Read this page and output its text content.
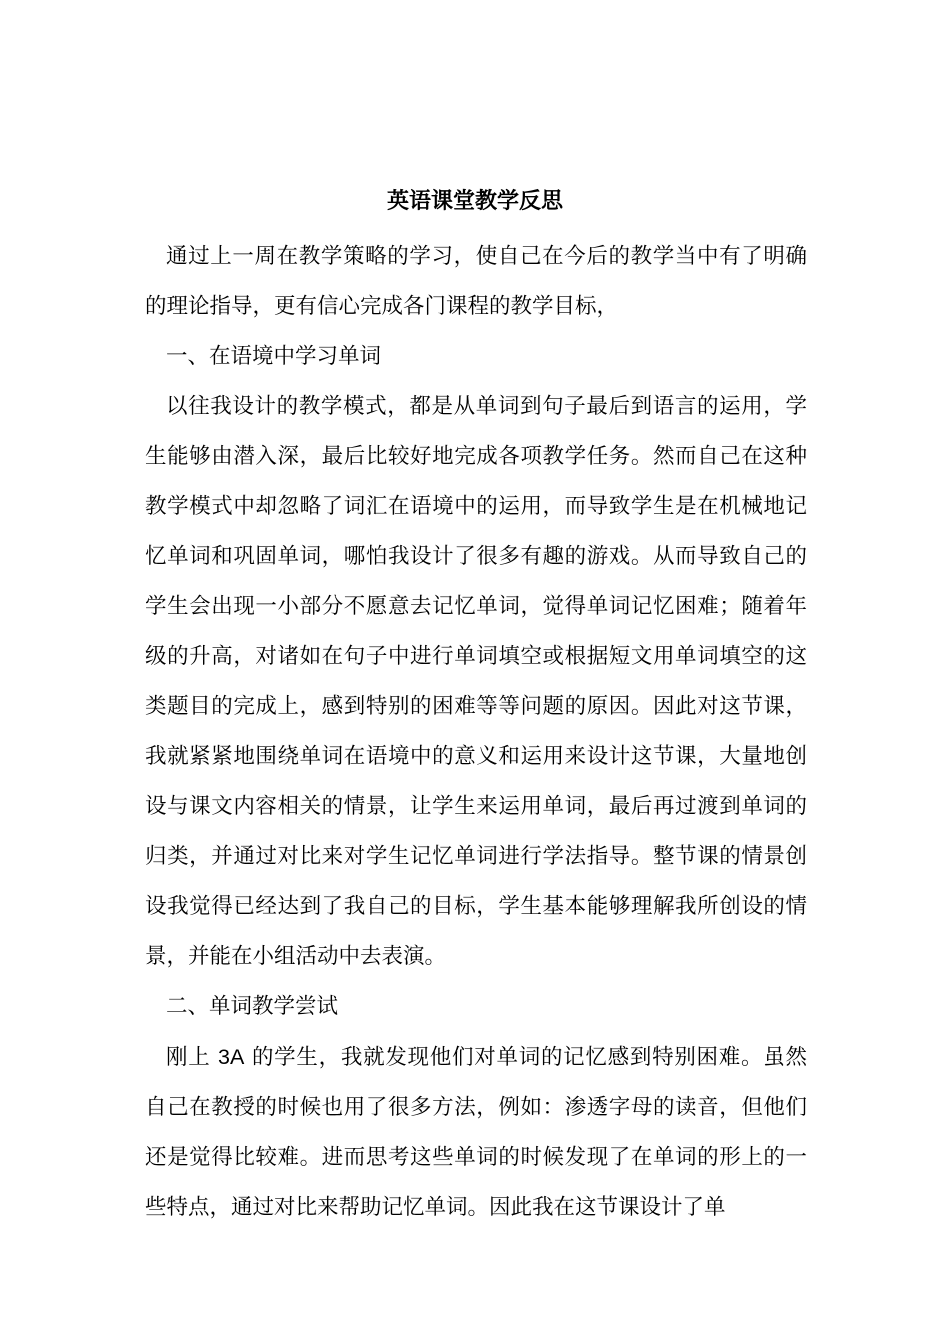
英语课堂教学反思

通过上一周在教学策略的学习，使自己在今后的教学当中有了明确的理论指导，更有信心完成各门课程的教学目标，

一、在语境中学习单词

以往我设计的教学模式，都是从单词到句子最后到语言的运用，学生能够由潜入深，最后比较好地完成各项教学任务。然而自己在这种教学模式中却忽略了词汇在语境中的运用，而导致学生是在机械地记忆单词和巩固单词，哪怕我设计了很多有趣的游戏。从而导致自己的学生会出现一小部分不愿意去记忆单词，觉得单词记忆困难；随着年级的升高，对诸如在句子中进行单词填空或根据短文用单词填空的这类题目的完成上，感到特别的困难等等问题的原因。因此对这节课，我就紧紧地围绕单词在语境中的意义和运用来设计这节课，大量地创设与课文内容相关的情景，让学生来运用单词，最后再过渡到单词的归类，并通过对比来对学生记忆单词进行学法指导。整节课的情景创设我觉得已经达到了我自己的目标，学生基本能够理解我所创设的情景，并能在小组活动中去表演。

二、单词教学尝试

刚上 3A 的学生，我就发现他们对单词的记忆感到特别困难。虽然自己在教授的时候也用了很多方法，例如：渗透字母的读音，但他们还是觉得比较难。进而思考这些单词的时候发现了在单词的形上的一些特点，通过对比来帮助记忆单词。因此我在这节课设计了单
